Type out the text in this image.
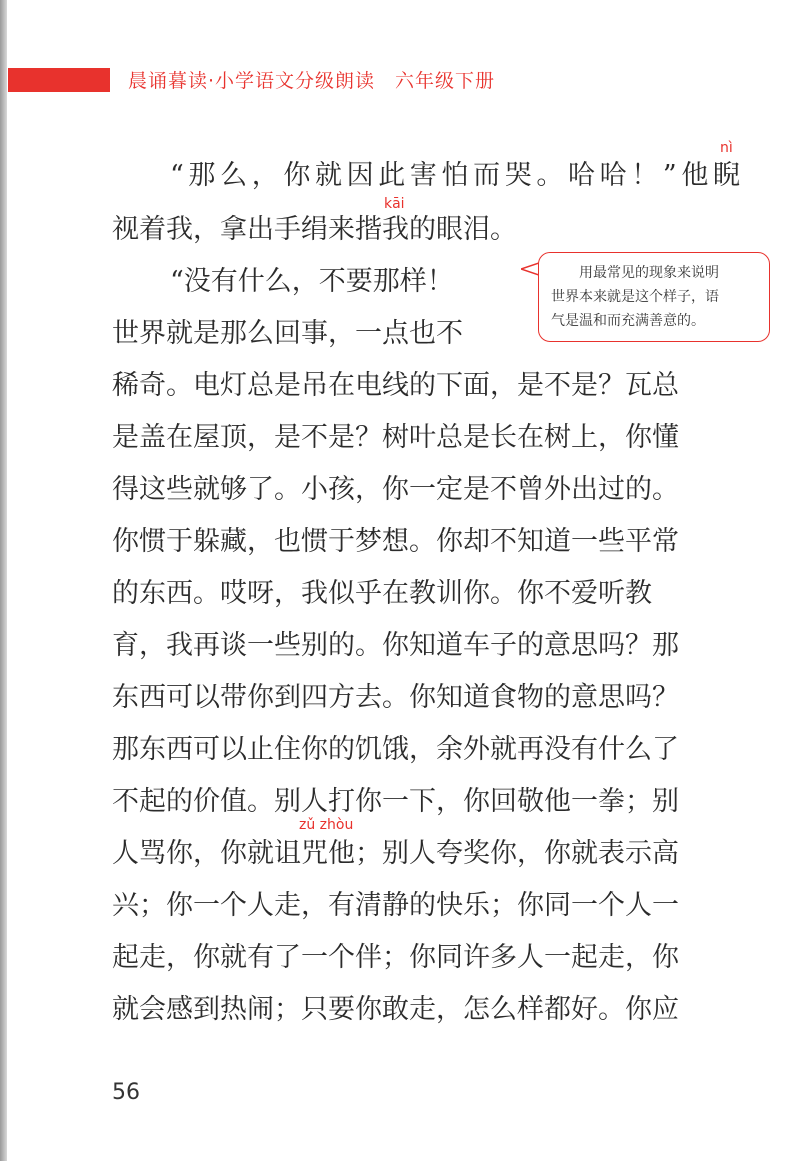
晨诵暮读·小学语文分级朗读　六年级下册
nì
kāi
zǔ zhòu
“那么，你就因此害怕而哭。哈哈！”他睨
视着我，拿出手绢来揩我的眼泪。
“没有什么，不要那样！
世界就是那么回事，一点也不
稀奇。电灯总是吊在电线的下面，是不是？瓦总
是盖在屋顶，是不是？树叶总是长在树上，你懂
得这些就够了。小孩，你一定是不曾外出过的。
你惯于躲藏，也惯于梦想。你却不知道一些平常
的东西。哎呀，我似乎在教训你。你不爱听教
育，我再谈一些别的。你知道车子的意思吗？那
东西可以带你到四方去。你知道食物的意思吗？
那东西可以止住你的饥饿，余外就再没有什么了
不起的价值。别人打你一下，你回敬他一拳；别
人骂你，你就诅咒他；别人夸奖你，你就表示高
兴；你一个人走，有清静的快乐；你同一个人一
起走，你就有了一个伴；你同许多人一起走，你
就会感到热闹；只要你敢走，怎么样都好。你应
用最常见的现象来说明
世界本来就是这个样子，语
气是温和而充满善意的。
56
